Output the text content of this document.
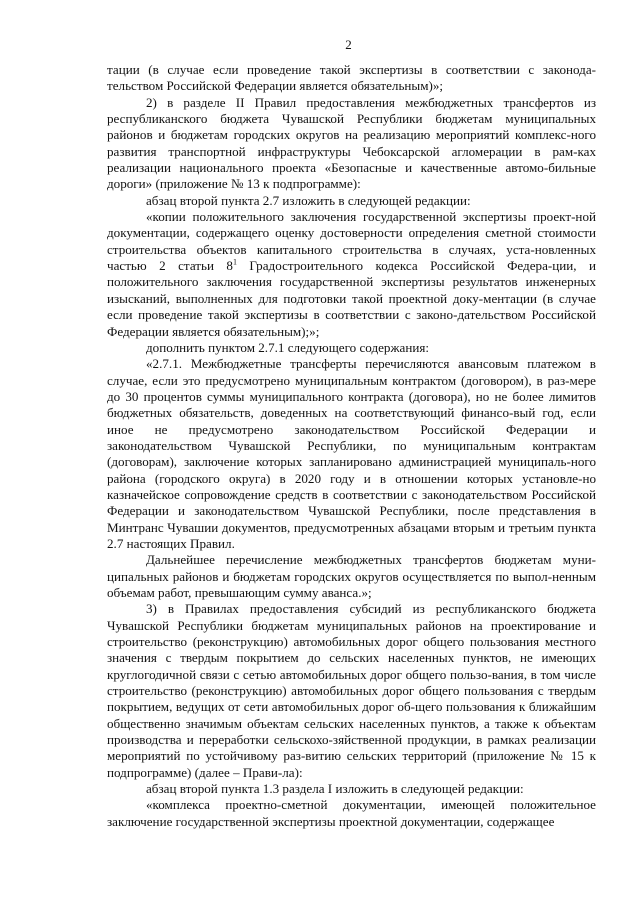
2

тации (в случае если проведение такой экспертизы в соответствии с законода-тельством Российской Федерации является обязательным)»;

2) в разделе II Правил предоставления межбюджетных трансфертов из республиканского бюджета Чувашской Республики бюджетам муниципальных районов и бюджетам городских округов на реализацию мероприятий комплекс-ного развития транспортной инфраструктуры Чебоксарской агломерации в рам-ках реализации национального проекта «Безопасные и качественные автомо-бильные дороги» (приложение № 13 к подпрограмме):

абзац второй пункта 2.7 изложить в следующей редакции:

«копии положительного заключения государственной экспертизы проект-ной документации, содержащего оценку достоверности определения сметной стоимости строительства объектов капитального строительства в случаях, уста-новленных частью 2 статьи $8^1$ Градостроительного кодекса Российской Федера-ции, и положительного заключения государственной экспертизы результатов инженерных изысканий, выполненных для подготовки такой проектной доку-ментации (в случае если проведение такой экспертизы в соответствии с законо-дательством Российской Федерации является обязательным);»;

дополнить пунктом 2.7.1 следующего содержания:

«2.7.1. Межбюджетные трансферты перечисляются авансовым платежом в случае, если это предусмотрено муниципальным контрактом (договором), в раз-мере до 30 процентов суммы муниципального контракта (договора), но не более лимитов бюджетных обязательств, доведенных на соответствующий финансо-вый год, если иное не предусмотрено законодательством Российской Федерации и законодательством Чувашской Республики, по муниципальным контрактам (договорам), заключение которых запланировано администрацией муниципаль-ного района (городского округа) в 2020 году и в отношении которых установле-но казначейское сопровождение средств в соответствии с законодательством Российской Федерации и законодательством Чувашской Республики, после представления в Минтранс Чувашии документов, предусмотренных абзацами вторым и третьим пункта 2.7 настоящих Правил.

Дальнейшее перечисление межбюджетных трансфертов бюджетам муни-ципальных районов и бюджетам городских округов осуществляется по выпол-ненным объемам работ, превышающим сумму аванса.»;

3) в Правилах предоставления субсидий из республиканского бюджета Чувашской Республики бюджетам муниципальных районов на проектирование и строительство (реконструкцию) автомобильных дорог общего пользования местного значения с твердым покрытием до сельских населенных пунктов, не имеющих круглогодичной связи с сетью автомобильных дорог общего пользо-вания, в том числе строительство (реконструкцию) автомобильных дорог общего пользования с твердым покрытием, ведущих от сети автомобильных дорог об-щего пользования к ближайшим общественно значимым объектам сельских населенных пунктов, а также к объектам производства и переработки сельскохо-зяйственной продукции, в рамках реализации мероприятий по устойчивому раз-витию сельских территорий (приложение № 15 к подпрограмме) (далее – Прави-ла):

абзац второй пункта 1.3 раздела I изложить в следующей редакции:

«комплекса проектно-сметной документации, имеющей положительное заключение государственной экспертизы проектной документации, содержащее
